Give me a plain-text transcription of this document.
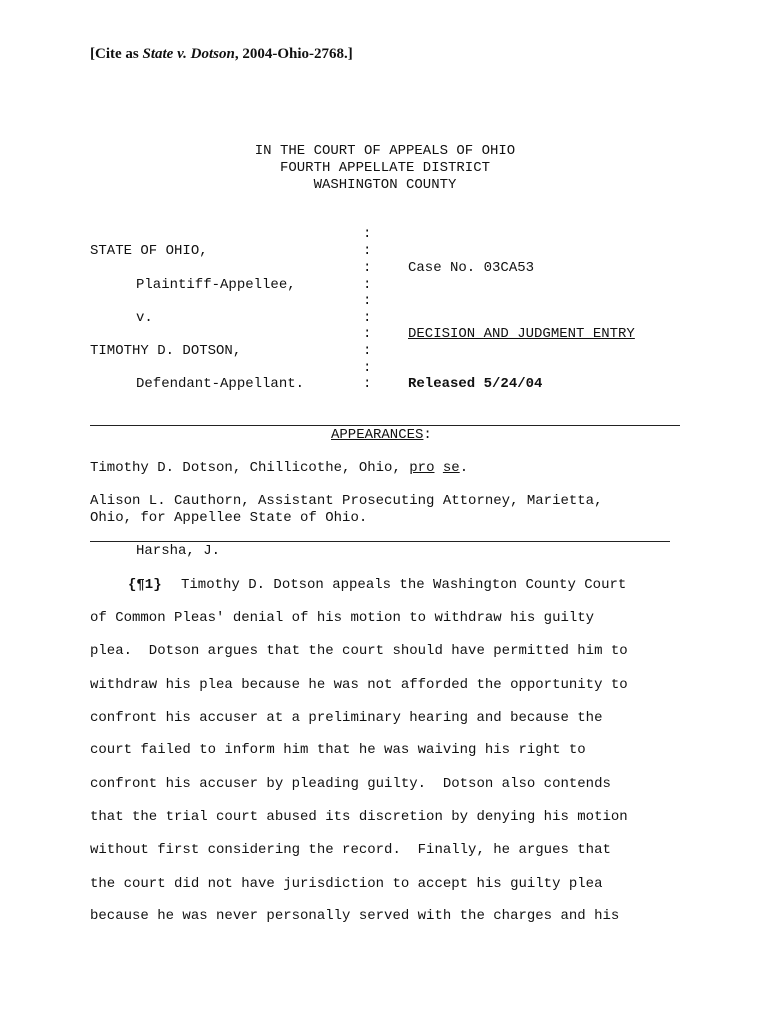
[Cite as State v. Dotson, 2004-Ohio-2768.]
IN THE COURT OF APPEALS OF OHIO
FOURTH APPELLATE DISTRICT
WASHINGTON COUNTY

:

:

:

:

:

:

:

:

:

:

STATE OF OHIO,
Plaintiff-Appellee,
v.
TIMOTHY D. DOTSON,
Defendant-Appellant.
Case No. 03CA53
DECISION AND JUDGMENT ENTRY
Released 5/24/04
APPEARANCES:
Timothy D. Dotson, Chillicothe, Ohio, pro se.
Alison L. Cauthorn, Assistant Prosecuting Attorney, Marietta,
Ohio, for Appellee State of Ohio.
Harsha, J.
{¶1} Timothy D. Dotson appeals the Washington County Court
of Common Pleas' denial of his motion to withdraw his guilty
plea.  Dotson argues that the court should have permitted him to
withdraw his plea because he was not afforded the opportunity to
confront his accuser at a preliminary hearing and because the
court failed to inform him that he was waiving his right to
confront his accuser by pleading guilty.  Dotson also contends
that the trial court abused its discretion by denying his motion
without first considering the record.  Finally, he argues that
the court did not have jurisdiction to accept his guilty plea
because he was never personally served with the charges and his
